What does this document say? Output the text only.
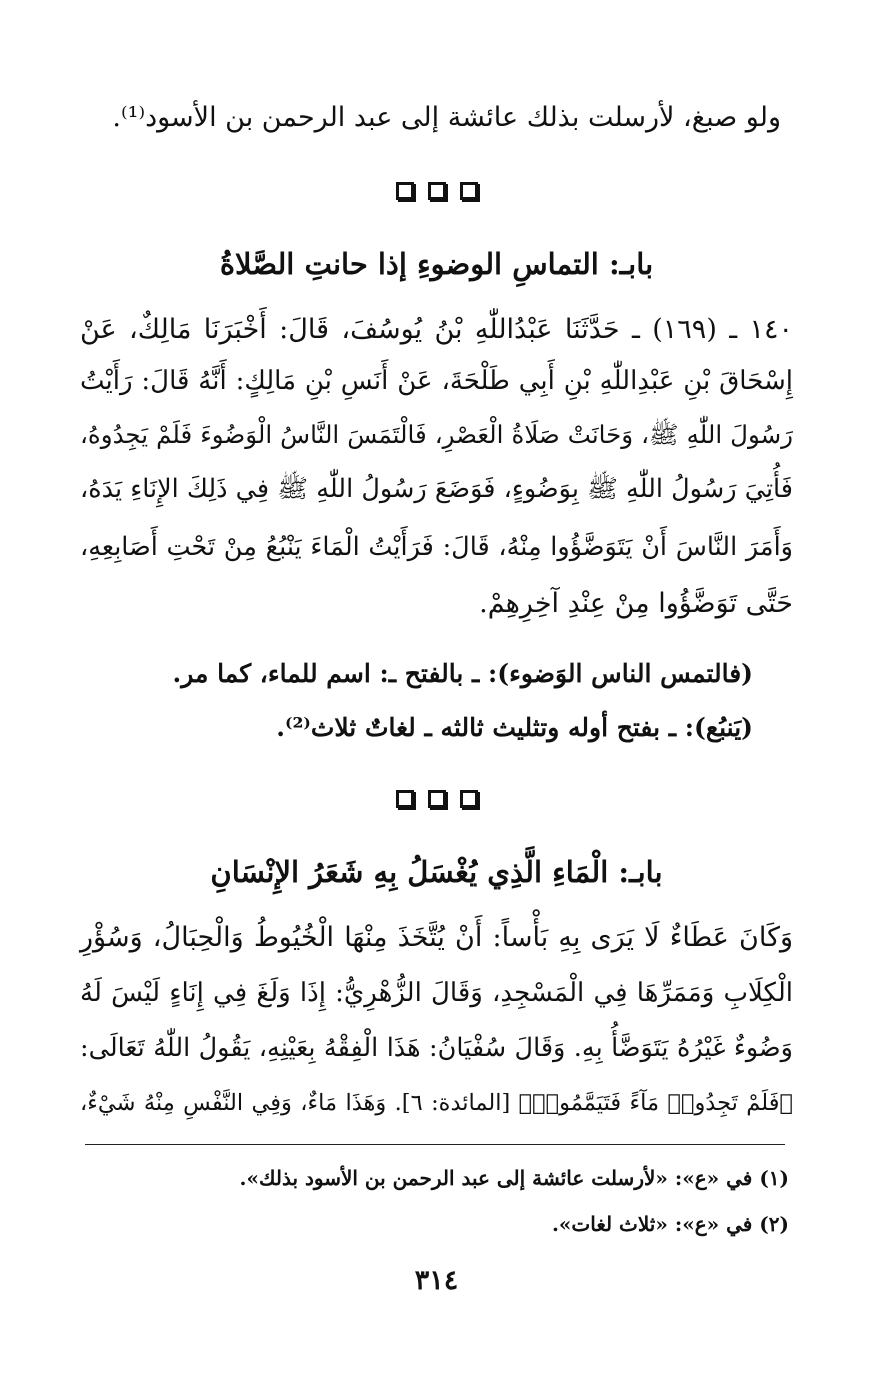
ولو صبغ، لأرسلت بذلك عائشة إلى عبد الرحمن بن الأسود⁽¹⁾.
بابـ: التماسِ الوضوءِ إذا حانتِ الصَّلاةُ
١٤٠ ـ (١٦٩) ـ حَدَّثَنَا عَبْدُاللّٰهِ بْنُ يُوسُفَ، قَالَ: أَخْبَرَنَا مَالِكٌ، عَنْ
إِسْحَاقَ بْنِ عَبْدِاللّٰهِ بْنِ أَبِي طَلْحَةَ، عَنْ أَنَسِ بْنِ مَالِكٍ: أَنَّهُ قَالَ: رَأَيْتُ
رَسُولَ اللّٰهِ ﷺ، وَحَانَتْ صَلَاةُ الْعَصْرِ، فَالْتَمَسَ النَّاسُ الْوَضُوءَ فَلَمْ يَجِدُوهُ،
فَأُتِيَ رَسُولُ اللّٰهِ ﷺ بِوَضُوءٍ، فَوَضَعَ رَسُولُ اللّٰهِ ﷺ فِي ذَلِكَ الإِنَاءِ يَدَهُ،
وَأَمَرَ النَّاسَ أَنْ يَتَوَضَّؤُوا مِنْهُ، قَالَ: فَرَأَيْتُ الْمَاءَ يَنْبُعُ مِنْ تَحْتِ أَصَابِعِهِ،
حَتَّى تَوَضَّؤُوا مِنْ عِنْدِ آخِرِهِمْ.
(فالتمس الناس الوَضوء): ـ بالفتح ـ: اسم للماء، كما مر.
(يَنبُع): ـ بفتح أوله وتثليث ثالثه ـ لغاتٌ ثلاث⁽²⁾.
بابـ: الْمَاءِ الَّذِي يُغْسَلُ بِهِ شَعَرُ الإِنْسَانِ
وَكَانَ عَطَاءٌ لَا يَرَى بِهِ بَأْساً: أَنْ يُتَّخَذَ مِنْهَا الْخُيُوطُ وَالْحِبَالُ، وَسُؤْرِ
الْكِلَابِ وَمَمَرِّهَا فِي الْمَسْجِدِ، وَقَالَ الزُّهْرِيُّ: إِذَا وَلَغَ فِي إِنَاءٍ لَيْسَ لَهُ
وَضُوءٌ غَيْرُهُ يَتَوَضَّأُ بِهِ. وَقَالَ سُفْيَانُ: هَذَا الْفِقْهُ بِعَيْنِهِ، يَقُولُ اللّٰهُ تَعَالَى:
﴿فَلَمْ تَجِدُوا۟ مَآءً فَتَيَمَّمُوا۟﴾ [المائدة: ٦]. وَهَذَا مَاءٌ، وَفِي النَّفْسِ مِنْهُ شَيْءٌ،
(١) في «ع»: «لأرسلت عائشة إلى عبد الرحمن بن الأسود بذلك».
(٢) في «ع»: «ثلاث لغات».
٣١٤
